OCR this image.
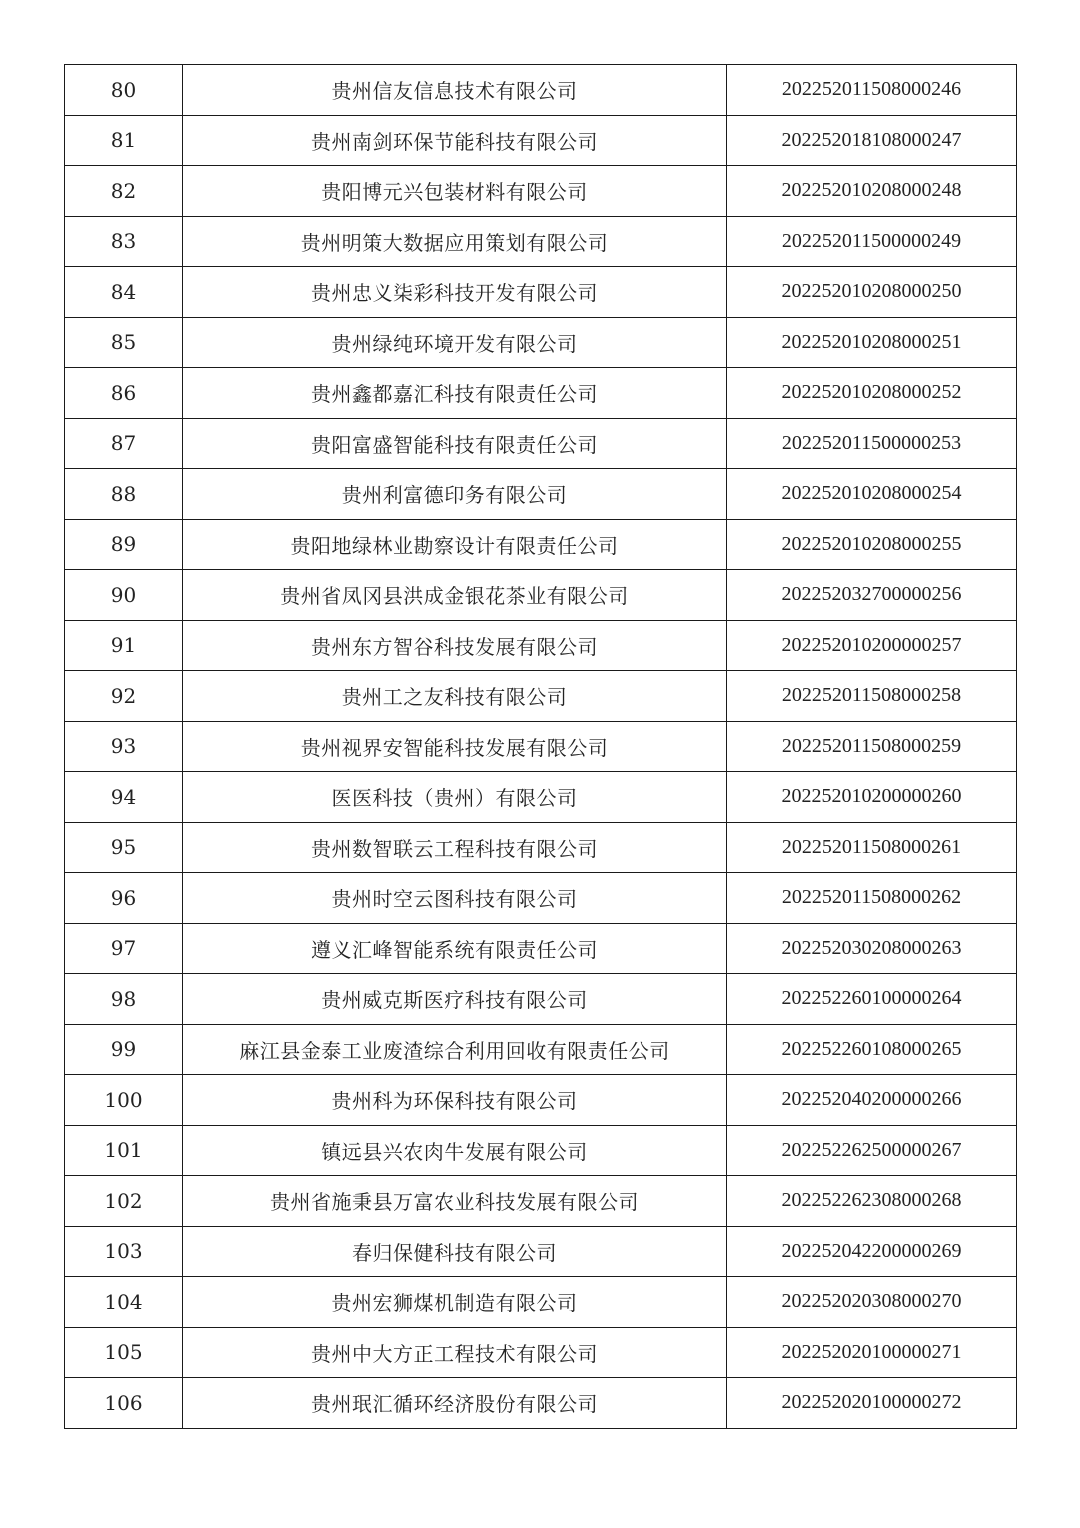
80	贵州信友信息技术有限公司	202252011508000246
81	贵州南剑环保节能科技有限公司	202252018108000247
82	贵阳博元兴包装材料有限公司	202252010208000248
83	贵州明策大数据应用策划有限公司	202252011500000249
84	贵州忠义柒彩科技开发有限公司	202252010208000250
85	贵州绿纯环境开发有限公司	202252010208000251
86	贵州鑫都嘉汇科技有限责任公司	202252010208000252
87	贵阳富盛智能科技有限责任公司	202252011500000253
88	贵州利富德印务有限公司	202252010208000254
89	贵阳地绿林业勘察设计有限责任公司	202252010208000255
90	贵州省凤冈县洪成金银花茶业有限公司	202252032700000256
91	贵州东方智谷科技发展有限公司	202252010200000257
92	贵州工之友科技有限公司	202252011508000258
93	贵州视界安智能科技发展有限公司	202252011508000259
94	医医科技（贵州）有限公司	202252010200000260
95	贵州数智联云工程科技有限公司	202252011508000261
96	贵州时空云图科技有限公司	202252011508000262
97	遵义汇峰智能系统有限责任公司	202252030208000263
98	贵州威克斯医疗科技有限公司	202252260100000264
99	麻江县金泰工业废渣综合利用回收有限责任公司	202252260108000265
100	贵州科为环保科技有限公司	202252040200000266
101	镇远县兴农肉牛发展有限公司	202252262500000267
102	贵州省施秉县万富农业科技发展有限公司	202252262308000268
103	春归保健科技有限公司	202252042200000269
104	贵州宏狮煤机制造有限公司	202252020308000270
105	贵州中大方正工程技术有限公司	202252020100000271
106	贵州珉汇循环经济股份有限公司	202252020100000272
